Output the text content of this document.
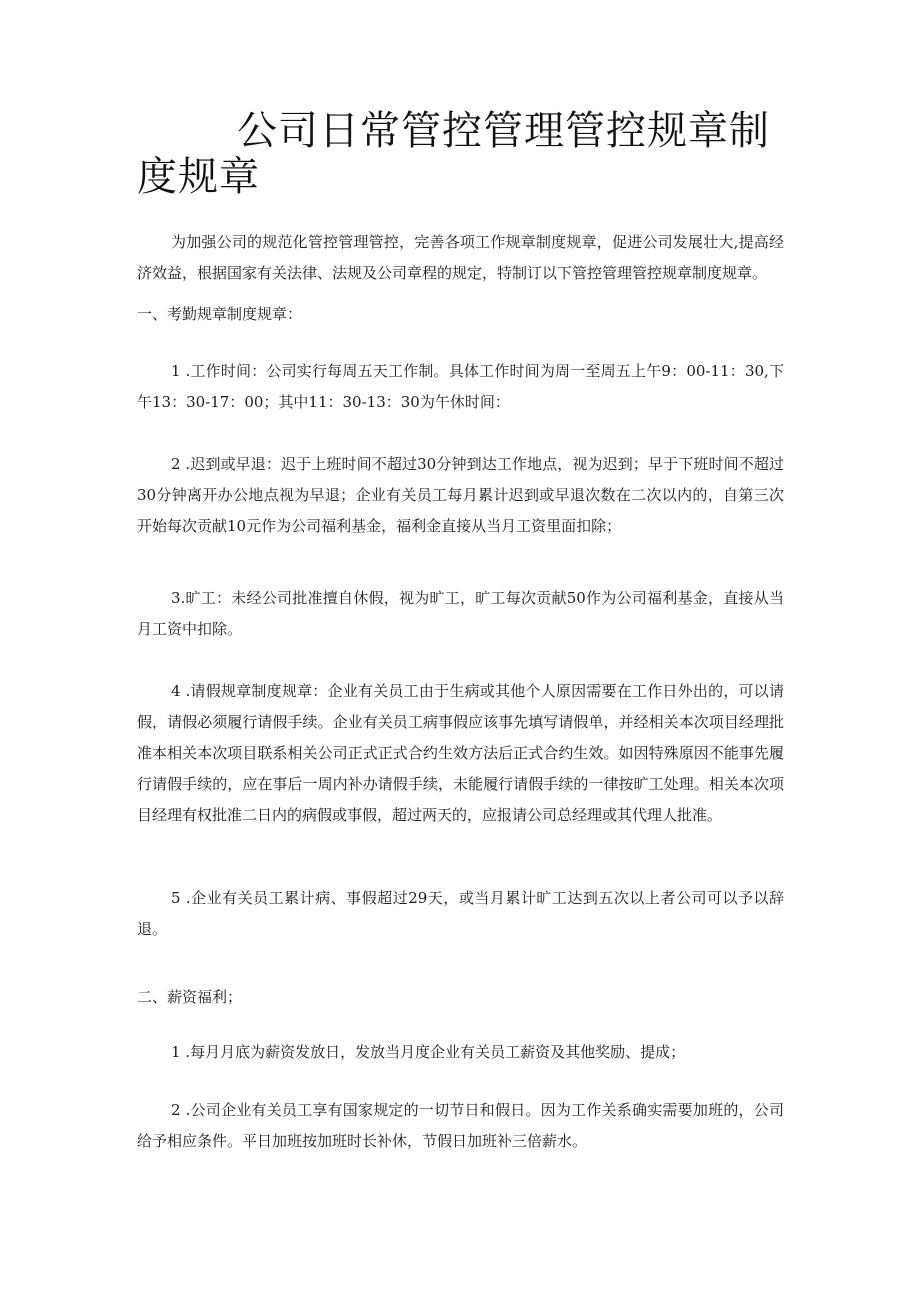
公司日常管控管理管控规章制度规章

为加强公司的规范化管控管理管控，完善各项工作规章制度规章，促进公司发展壮大,提高经济效益，根据国家有关法律、法规及公司章程的规定，特制订以下管控管理管控规章制度规章。

一、考勤规章制度规章：

1 .工作时间：公司实行每周五天工作制。具体工作时间为周一至周五上午9：00-11：30,下午13：30-17：00；其中11：30-13：30为午休时间：

2 .迟到或早退：迟于上班时间不超过30分钟到达工作地点，视为迟到；早于下班时间不超过30分钟离开办公地点视为早退；企业有关员工每月累计迟到或早退次数在二次以内的，自第三次开始每次贡献10元作为公司福利基金，福利金直接从当月工资里面扣除；

3.旷工：未经公司批准擅自休假，视为旷工，旷工每次贡献50作为公司福利基金，直接从当月工资中扣除。

4 .请假规章制度规章：企业有关员工由于生病或其他个人原因需要在工作日外出的，可以请假，请假必须履行请假手续。企业有关员工病事假应该事先填写请假单，并经相关本次项目经理批准本相关本次项目联系相关公司正式正式合约生效方法后正式合约生效。如因特殊原因不能事先履行请假手续的，应在事后一周内补办请假手续，未能履行请假手续的一律按旷工处理。相关本次项目经理有权批准二日内的病假或事假，超过两天的，应报请公司总经理或其代理人批准。

5 .企业有关员工累计病、事假超过29天，或当月累计旷工达到五次以上者公司可以予以辞退。

二、薪资福利；

1 .每月月底为薪资发放日，发放当月度企业有关员工薪资及其他奖励、提成；

2 .公司企业有关员工享有国家规定的一切节日和假日。因为工作关系确实需要加班的，公司给予相应条件。平日加班按加班时长补休，节假日加班补三倍薪水。
